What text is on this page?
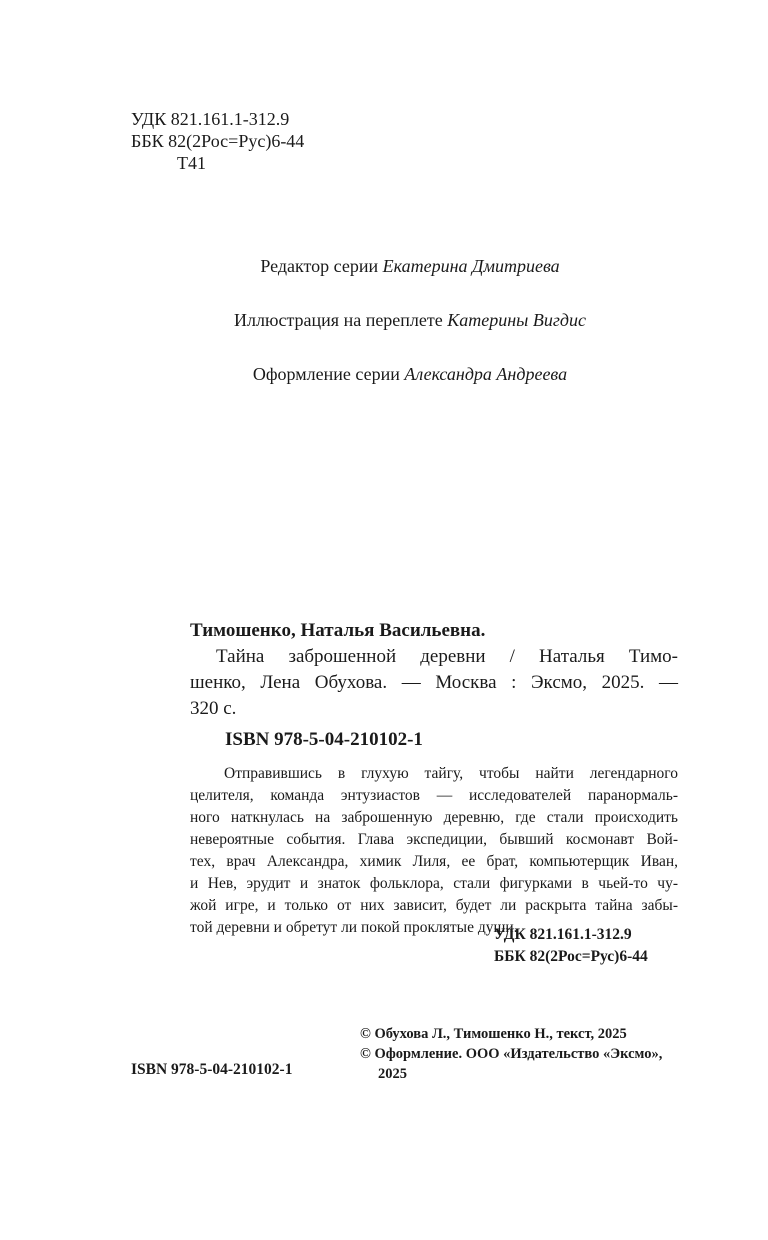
УДК 821.161.1-312.9
ББК 82(2Рос=Рус)6-44
Т41
Редактор серии Екатерина Дмитриева
Иллюстрация на переплете Катерины Вигдис
Оформление серии Александра Андреева
Тимошенко, Наталья Васильевна.
Тайна заброшенной деревни / Наталья Тимо-
шенко, Лена Обухова. — Москва : Эксмо, 2025. —
320 с.
ISBN 978-5-04-210102-1
Отправившись в глухую тайгу, чтобы найти легендарного
целителя, команда энтузиастов — исследователей паранормаль-
ного наткнулась на заброшенную деревню, где стали происходить
невероятные события. Глава экспедиции, бывший космонавт Вой-
тех, врач Александра, химик Лиля, ее брат, компьютерщик Иван,
и Нев, эрудит и знаток фольклора, стали фигурками в чьей-то чу-
жой игре, и только от них зависит, будет ли раскрыта тайна забы-
той деревни и обретут ли покой проклятые души.
УДК 821.161.1-312.9
ББК 82(2Рос=Рус)6-44
© Обухова Л., Тимошенко Н., текст, 2025
© Оформление. ООО «Издательство «Эксмо»,
2025
ISBN 978-5-04-210102-1
